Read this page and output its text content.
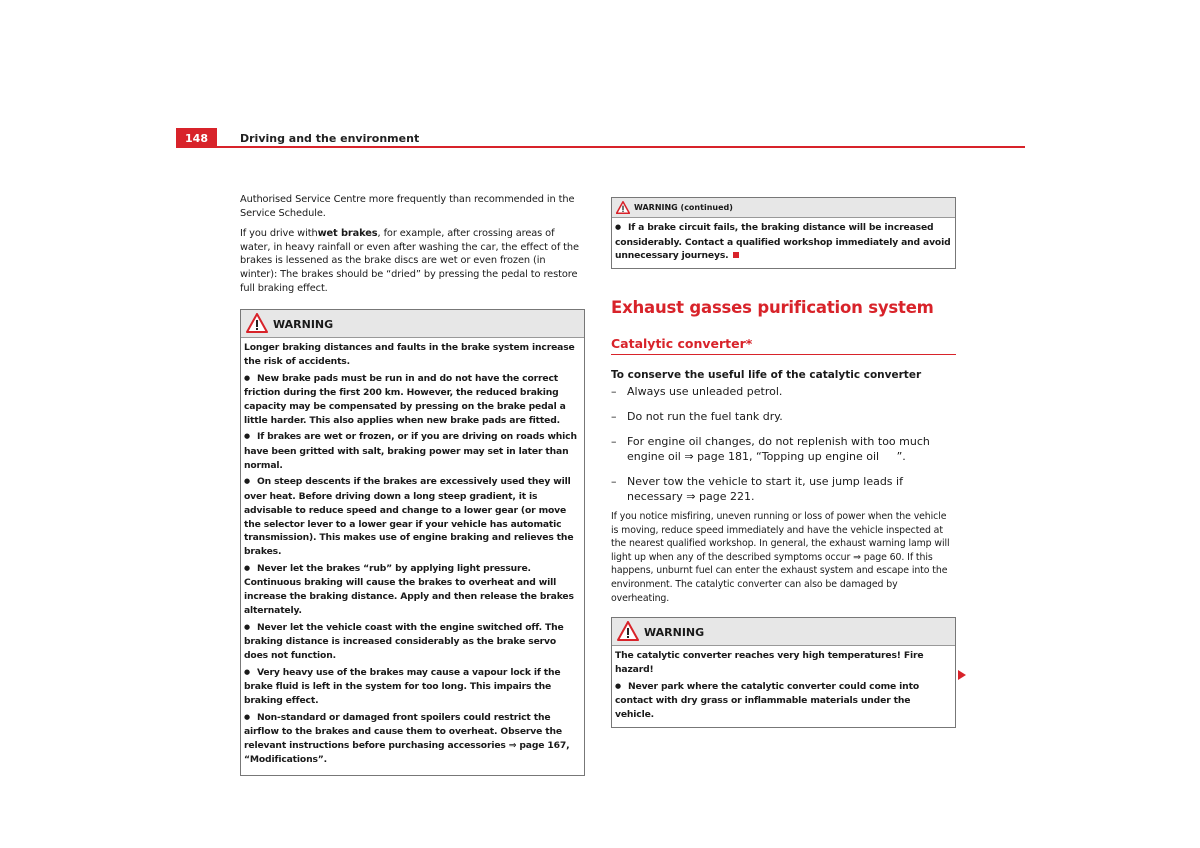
148	Driving and the environment

Authorised Service Centre more frequently than recommended in the Service Schedule.

If you drive withwet brakes, for example, after crossing areas of water, in heavy rainfall or even after washing the car, the effect of the brakes is lessened as the brake discs are wet or even frozen (in winter): The brakes should be “dried” by pressing the pedal to restore full braking effect.

WARNING

Longer braking distances and faults in the brake system increase the risk of accidents.

● New brake pads must be run in and do not have the correct friction during the first 200 km. However, the reduced braking capacity may be compensated by pressing on the brake pedal a little harder. This also applies when new brake pads are fitted.

● If brakes are wet or frozen, or if you are driving on roads which have been gritted with salt, braking power may set in later than normal.

● On steep descents if the brakes are excessively used they will over heat. Before driving down a long steep gradient, it is advisable to reduce speed and change to a lower gear (or move the selector lever to a lower gear if your vehicle has automatic transmission). This makes use of engine braking and relieves the brakes.

● Never let the brakes “rub” by applying light pressure. Continuous braking will cause the brakes to overheat and will increase the braking distance. Apply and then release the brakes alternately.

● Never let the vehicle coast with the engine switched off. The braking distance is increased considerably as the brake servo does not function.

● Very heavy use of the brakes may cause a vapour lock if the brake fluid is left in the system for too long. This impairs the braking effect.

● Non-standard or damaged front spoilers could restrict the airflow to the brakes and cause them to overheat. Observe the relevant instructions before purchasing accessories ⇒ page 167, “Modifications”.

WARNING (continued)

● If a brake circuit fails, the braking distance will be increased considerably. Contact a qualified workshop immediately and avoid unnecessary journeys.

Exhaust gasses purification system
Catalytic converter*
To conserve the useful life of the catalytic converter
– Always use unleaded petrol.
– Do not run the fuel tank dry.
– For engine oil changes, do not replenish with too much engine oil ⇒ page 181, “Topping up engine oil     ”.
– Never tow the vehicle to start it, use jump leads if necessary ⇒ page 221.

If you notice misfiring, uneven running or loss of power when the vehicle is moving, reduce speed immediately and have the vehicle inspected at the nearest qualified workshop. In general, the exhaust warning lamp will light up when any of the described symptoms occur ⇒ page 60. If this happens, unburnt fuel can enter the exhaust system and escape into the environment. The catalytic converter can also be damaged by overheating.

WARNING

The catalytic converter reaches very high temperatures! Fire hazard!

● Never park where the catalytic converter could come into contact with dry grass or inflammable materials under the vehicle.
